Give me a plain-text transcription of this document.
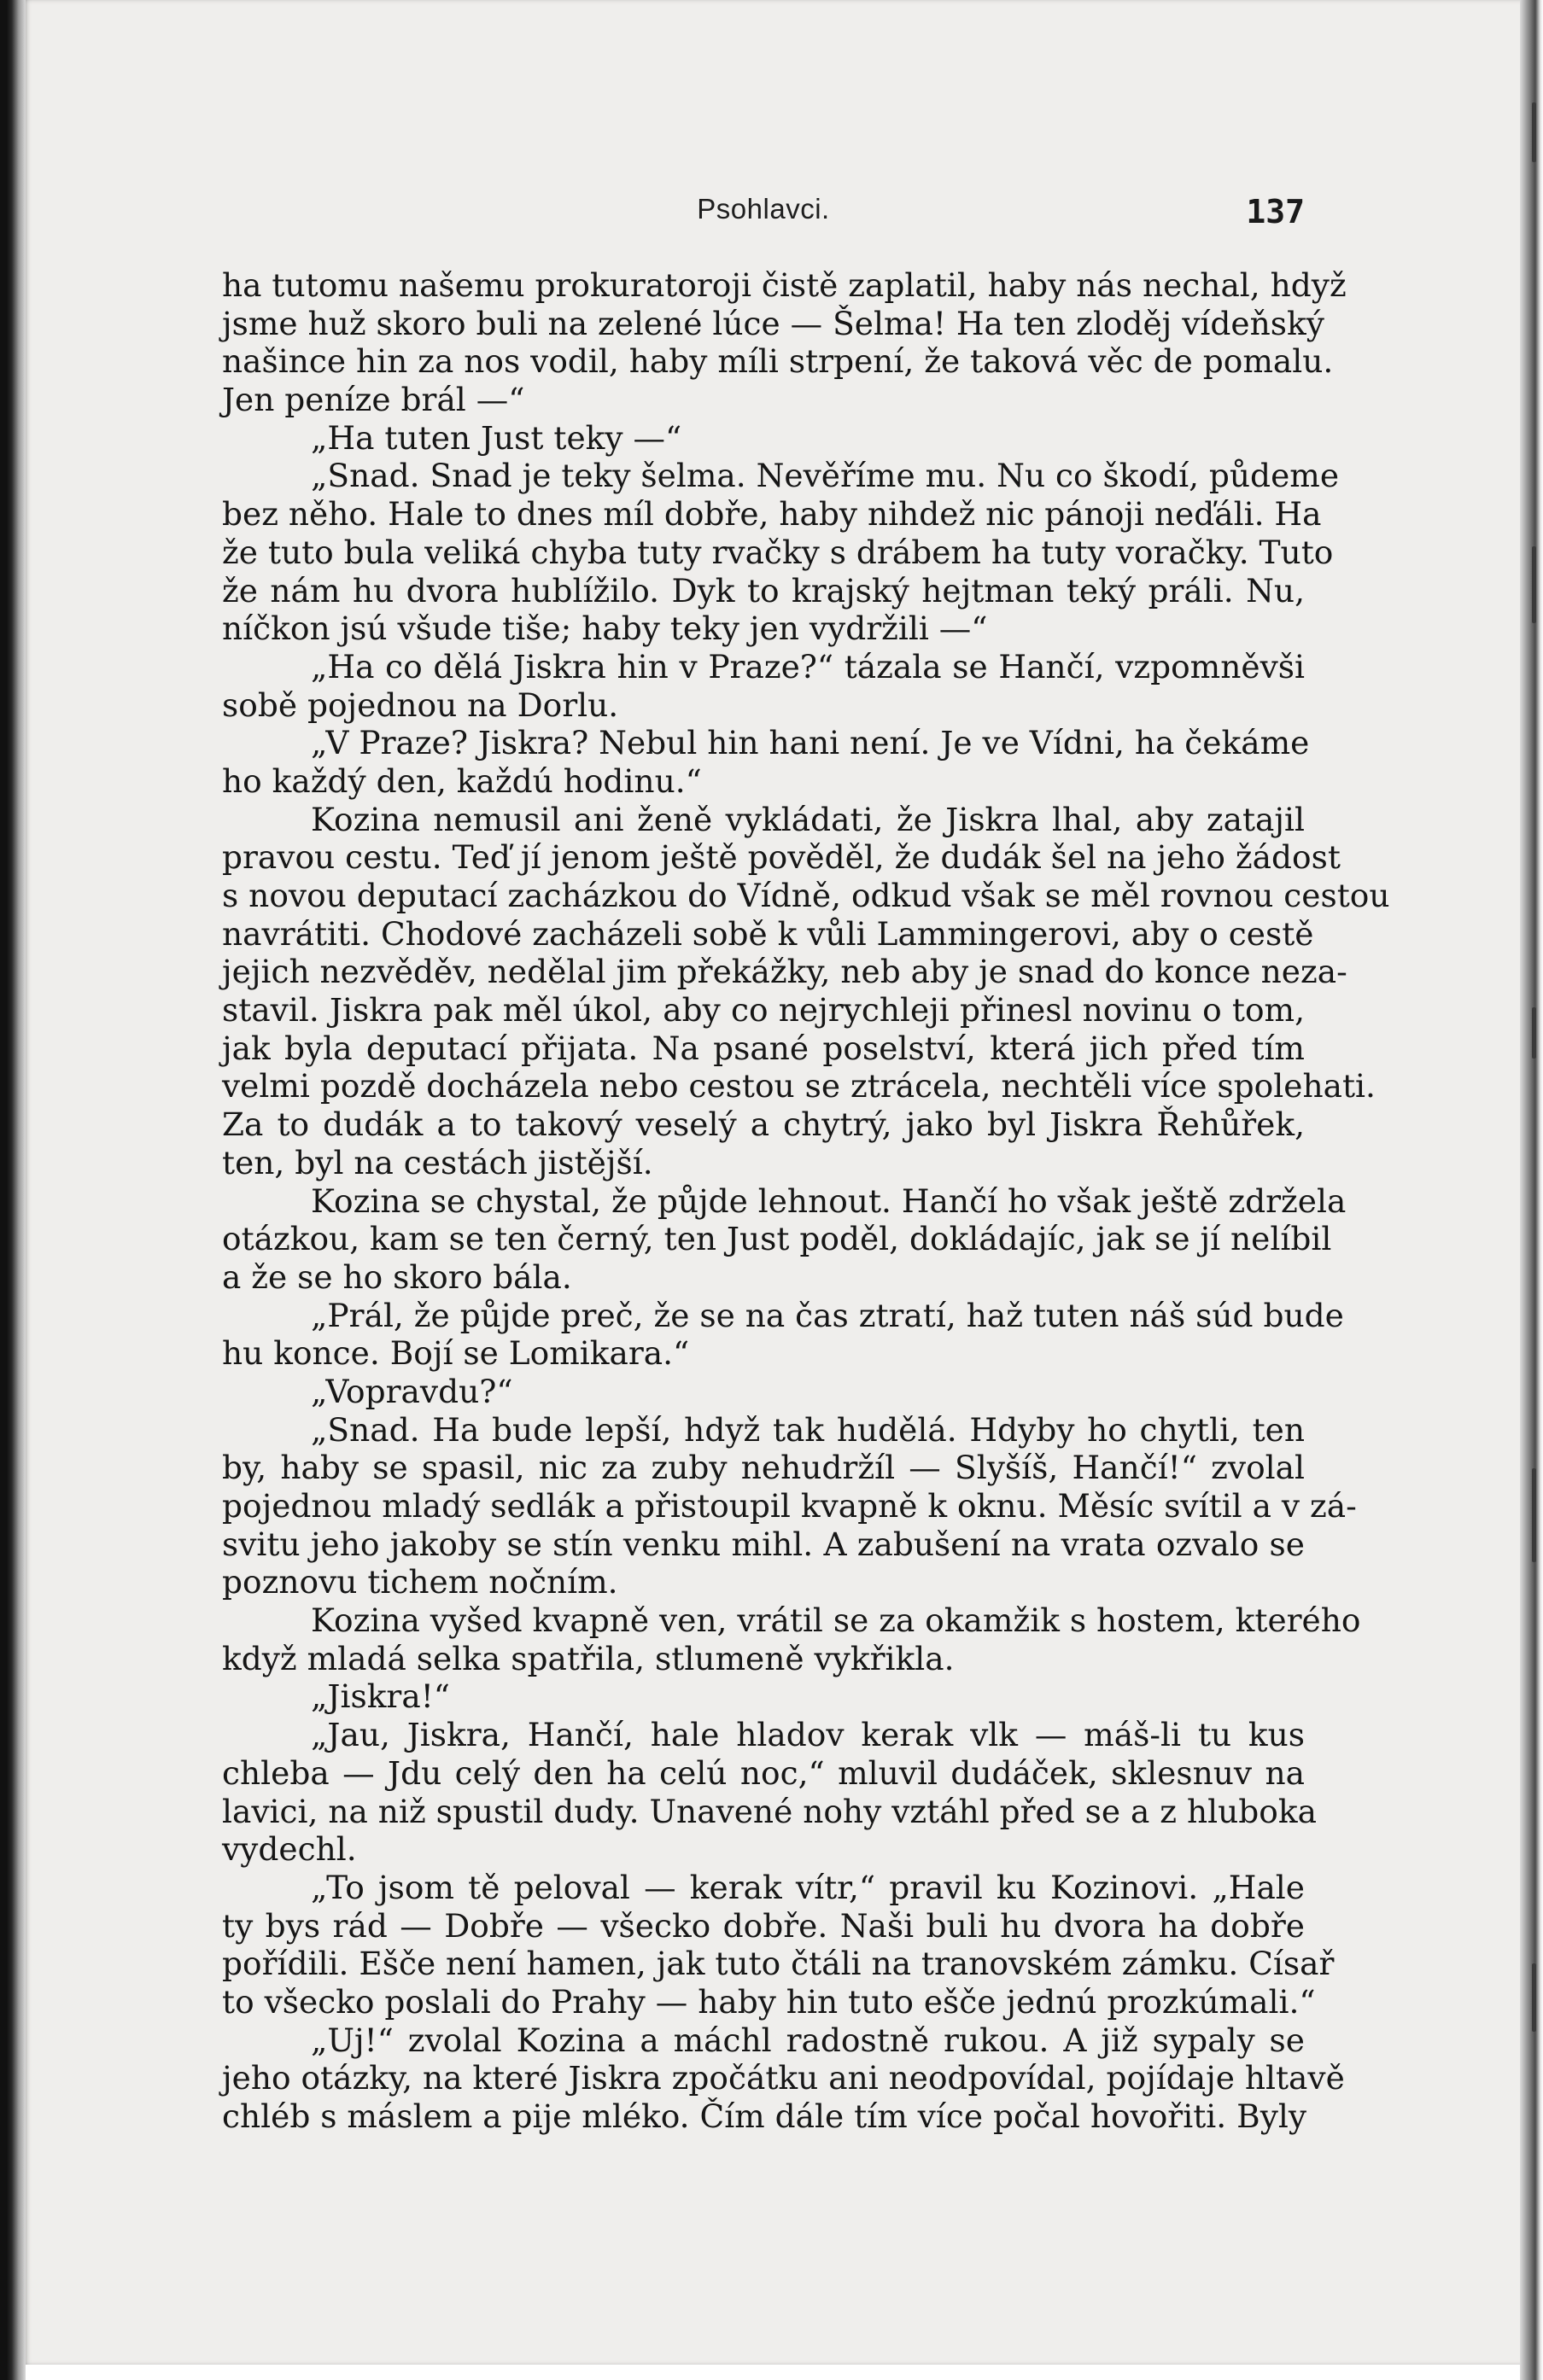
Psohlavci.	137
ha tutomu našemu prokuratoroji čistě zaplatil, haby nás nechal, hdyž
jsme huž skoro buli na zelené lúce — Šelma! Ha ten zloděj vídeňský
našince hin za nos vodil, haby míli strpení, že taková věc de pomalu.
Jen peníze brál —“
„Ha tuten Just teky —“
„Snad. Snad je teky šelma. Nevěříme mu. Nu co škodí, půdeme
bez něho. Hale to dnes míl dobře, haby nihdež nic pánoji neďáli. Ha
že tuto bula veliká chyba tuty rvačky s drábem ha tuty voračky. Tuto
že nám hu dvora hublížilo. Dyk to krajský hejtman teký práli. Nu,
níčkon jsú všude tiše; haby teky jen vydržili —“
„Ha co dělá Jiskra hin v Praze?“ tázala se Hančí, vzpomněvši
sobě pojednou na Dorlu.
„V Praze? Jiskra? Nebul hin hani není. Je ve Vídni, ha čekáme
ho každý den, každú hodinu.“
Kozina nemusil ani ženě vykládati, že Jiskra lhal, aby zatajil
pravou cestu. Teď jí jenom ještě pověděl, že dudák šel na jeho žádost
s novou deputací zacházkou do Vídně, odkud však se měl rovnou cestou
navrátiti. Chodové zacházeli sobě k vůli Lammingerovi, aby o cestě
jejich nezvěděv, nedělal jim překážky, neb aby je snad do konce neza-
stavil. Jiskra pak měl úkol, aby co nejrychleji přinesl novinu o tom,
jak byla deputací přijata. Na psané poselství, která jich před tím
velmi pozdě docházela nebo cestou se ztrácela, nechtěli více spolehati.
Za to dudák a to takový veselý a chytrý, jako byl Jiskra Řehůřek,
ten, byl na cestách jistější.
Kozina se chystal, že půjde lehnout. Hančí ho však ještě zdržela
otázkou, kam se ten černý, ten Just poděl, dokládajíc, jak se jí nelíbil
a že se ho skoro bála.
„Prál, že půjde preč, že se na čas ztratí, haž tuten náš súd bude
hu konce. Bojí se Lomikara.“
„Vopravdu?“
„Snad. Ha bude lepší, hdyž tak hudělá. Hdyby ho chytli, ten
by, haby se spasil, nic za zuby nehudržíl — Slyšíš, Hančí!“ zvolal
pojednou mladý sedlák a přistoupil kvapně k oknu. Měsíc svítil a v zá-
svitu jeho jakoby se stín venku mihl. A zabušení na vrata ozvalo se
poznovu tichem nočním.
Kozina vyšed kvapně ven, vrátil se za okamžik s hostem, kterého
když mladá selka spatřila, stlumeně vykřikla.
„Jiskra!“
„Jau, Jiskra, Hančí, hale hladov kerak vlk — máš-li tu kus
chleba — Jdu celý den ha celú noc,“ mluvil dudáček, sklesnuv na
lavici, na niž spustil dudy. Unavené nohy vztáhl před se a z hluboka
vydechl.
„To jsom tě peloval — kerak vítr,“ pravil ku Kozinovi. „Hale
ty bys rád — Dobře — všecko dobře. Naši buli hu dvora ha dobře
pořídili. Ešče není hamen, jak tuto čtáli na tranovském zámku. Císař
to všecko poslali do Prahy — haby hin tuto ešče jednú prozkúmali.“
„Uj!“ zvolal Kozina a máchl radostně rukou. A již sypaly se
jeho otázky, na které Jiskra zpočátku ani neodpovídal, pojídaje hltavě
chléb s máslem a pije mléko. Čím dále tím více počal hovořiti. Byly
